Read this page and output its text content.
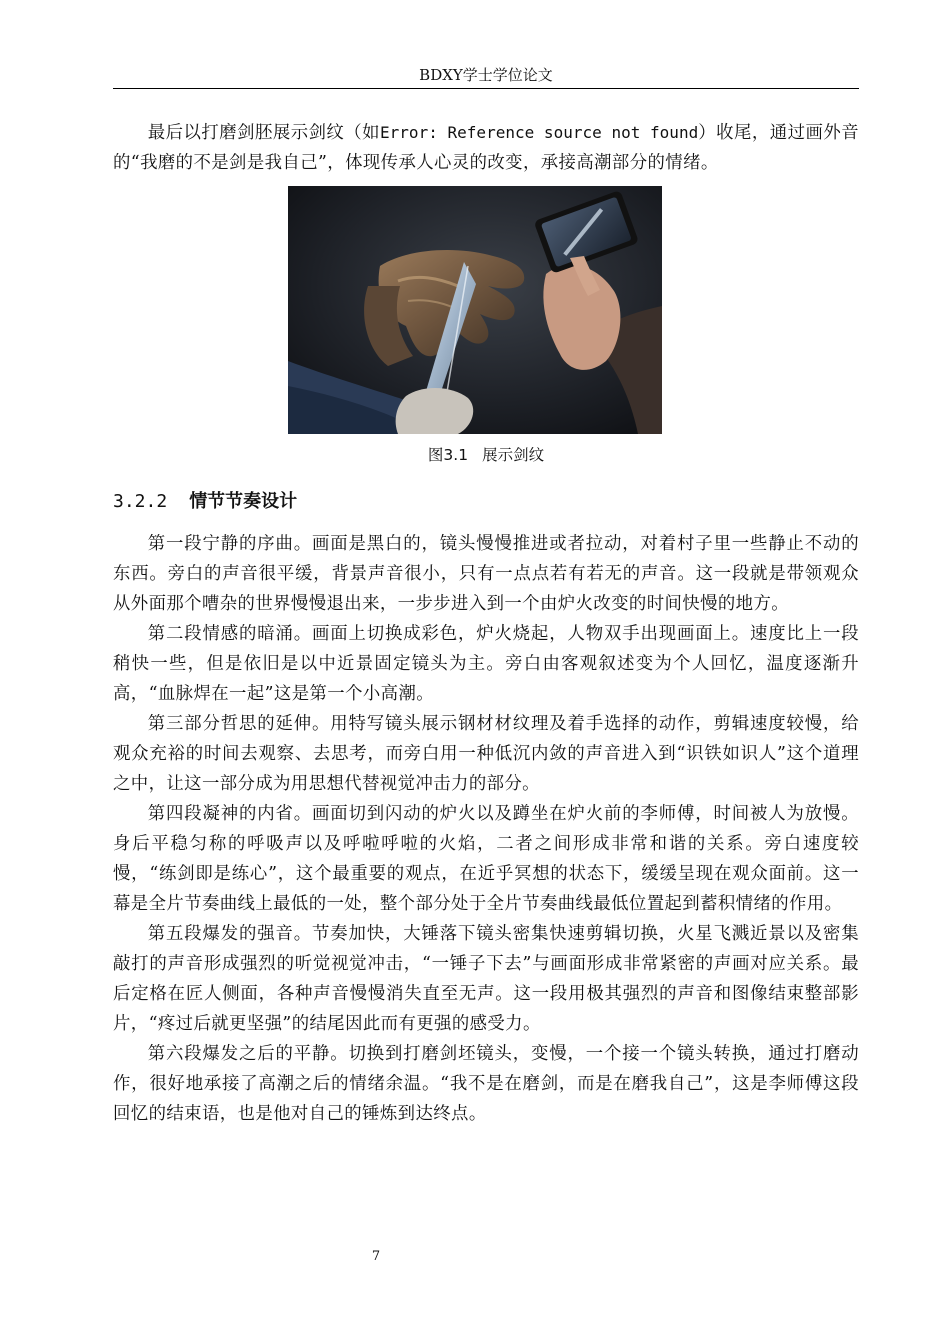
BDXY学士学位论文

最后以打磨剑胚展示剑纹（如Error: Reference source not found）收尾，通过画外音的“我磨的不是剑是我自己”，体现传承人心灵的改变，承接高潮部分的情绪。

图3.1 展示剑纹
3.2.2 情节节奏设计

第一段宁静的序曲。画面是黑白的，镜头慢慢推进或者拉动，对着村子里一些静止不动的东西。旁白的声音很平缓，背景声音很小，只有一点点若有若无的声音。这一段就是带领观众从外面那个嘈杂的世界慢慢退出来，一步步进入到一个由炉火改变的时间快慢的地方。

第二段情感的暗涌。画面上切换成彩色，炉火烧起，人物双手出现画面上。速度比上一段稍快一些，但是依旧是以中近景固定镜头为主。旁白由客观叙述变为个人回忆，温度逐渐升高，“血脉焊在一起”这是第一个小高潮。

第三部分哲思的延伸。用特写镜头展示钢材材纹理及着手选择的动作，剪辑速度较慢，给观众充裕的时间去观察、去思考，而旁白用一种低沉内敛的声音进入到“识铁如识人”这个道理之中，让这一部分成为用思想代替视觉冲击力的部分。

第四段凝神的内省。画面切到闪动的炉火以及蹲坐在炉火前的李师傅，时间被人为放慢。身后平稳匀称的呼吸声以及呼啦呼啦的火焰，二者之间形成非常和谐的关系。旁白速度较慢，“练剑即是练心”，这个最重要的观点，在近乎冥想的状态下，缓缓呈现在观众面前。这一幕是全片节奏曲线上最低的一处，整个部分处于全片节奏曲线最低位置起到蓄积情绪的作用。

第五段爆发的强音。节奏加快，大锤落下镜头密集快速剪辑切换，火星飞溅近景以及密集敲打的声音形成强烈的听觉视觉冲击，“一锤子下去”与画面形成非常紧密的声画对应关系。最后定格在匠人侧面，各种声音慢慢消失直至无声。这一段用极其强烈的声音和图像结束整部影片，“疼过后就更坚强”的结尾因此而有更强的感受力。

第六段爆发之后的平静。切换到打磨剑坯镜头，变慢，一个接一个镜头转换，通过打磨动作，很好地承接了高潮之后的情绪余温。“我不是在磨剑，而是在磨我自己”，这是李师傅这段回忆的结束语，也是他对自己的锤炼到达终点。

7
